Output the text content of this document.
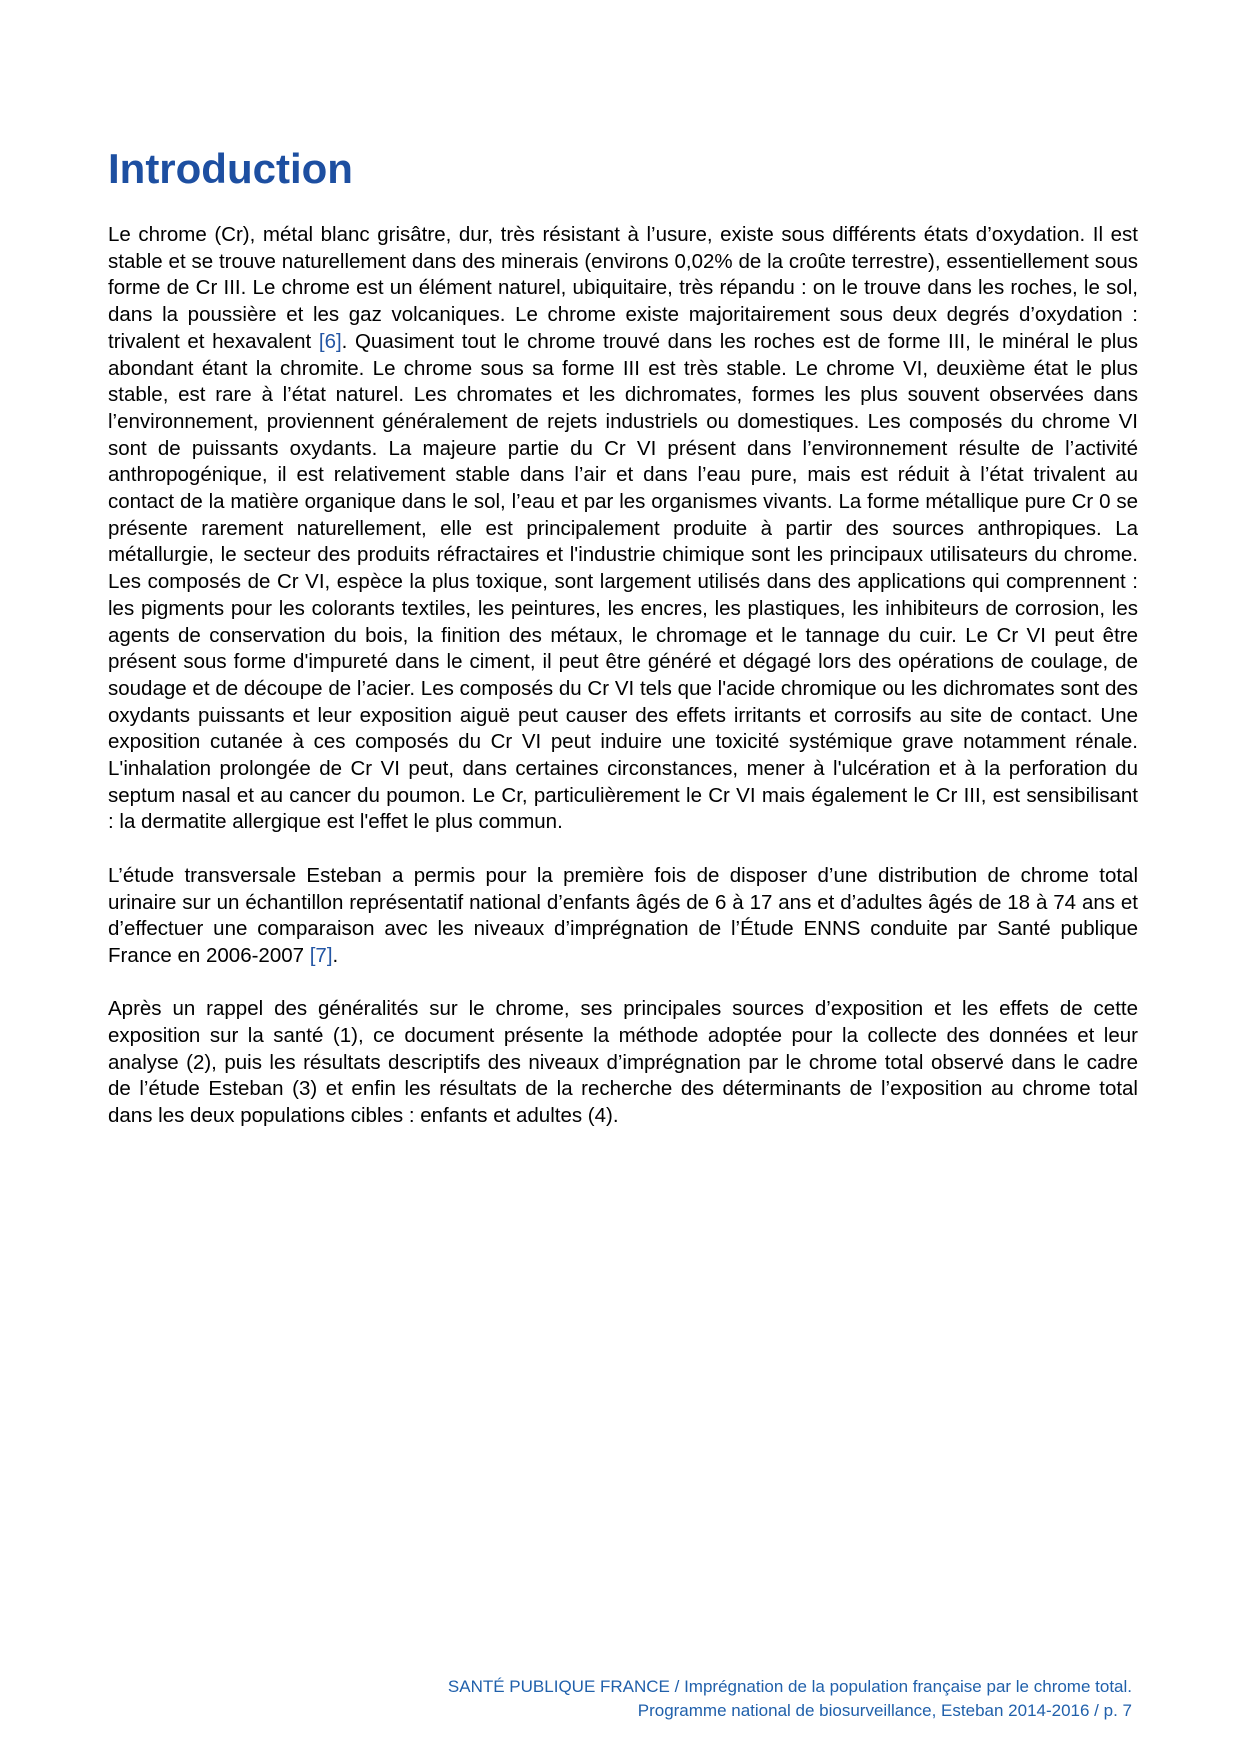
Introduction

Le chrome (Cr), métal blanc grisâtre, dur, très résistant à l’usure, existe sous différents états d’oxydation. Il est stable et se trouve naturellement dans des minerais (environs 0,02% de la croûte terrestre), essentiellement sous forme de Cr III. Le chrome est un élément naturel, ubiquitaire, très répandu : on le trouve dans les roches, le sol, dans la poussière et les gaz volcaniques. Le chrome existe majoritairement sous deux degrés d’oxydation : trivalent et hexavalent [6]. Quasiment tout le chrome trouvé dans les roches est de forme III, le minéral le plus abondant étant la chromite. Le chrome sous sa forme III est très stable. Le chrome VI, deuxième état le plus stable, est rare à l’état naturel. Les chromates et les dichromates, formes les plus souvent observées dans l’environnement, proviennent généralement de rejets industriels ou domestiques. Les composés du chrome VI sont de puissants oxydants. La majeure partie du Cr VI présent dans l’environnement résulte de l’activité anthropogénique, il est relativement stable dans l’air et dans l’eau pure, mais est réduit à l’état trivalent au contact de la matière organique dans le sol, l’eau et par les organismes vivants. La forme métallique pure Cr 0 se présente rarement naturellement, elle est principalement produite à partir des sources anthropiques. La métallurgie, le secteur des produits réfractaires et l'industrie chimique sont les principaux utilisateurs du chrome. Les composés de Cr VI, espèce la plus toxique, sont largement utilisés dans des applications qui comprennent : les pigments pour les colorants textiles, les peintures, les encres, les plastiques, les inhibiteurs de corrosion, les agents de conservation du bois, la finition des métaux, le chromage et le tannage du cuir. Le Cr VI peut être présent sous forme d'impureté dans le ciment, il peut être généré et dégagé lors des opérations de coulage, de soudage et de découpe de l’acier. Les composés du Cr VI tels que l'acide chromique ou les dichromates sont des oxydants puissants et leur exposition aiguë peut causer des effets irritants et corrosifs au site de contact. Une exposition cutanée à ces composés du Cr VI peut induire une toxicité systémique grave notamment rénale. L'inhalation prolongée de Cr VI peut, dans certaines circonstances, mener à l'ulcération et à la perforation du septum nasal et au cancer du poumon. Le Cr, particulièrement le Cr VI mais également le Cr III, est sensibilisant : la dermatite allergique est l'effet le plus commun.

L’étude transversale Esteban a permis pour la première fois de disposer d’une distribution de chrome total urinaire sur un échantillon représentatif national d’enfants âgés de 6 à 17 ans et d’adultes âgés de 18 à 74 ans et d’effectuer une comparaison avec les niveaux d’imprégnation de l’Étude ENNS conduite par Santé publique France en 2006-2007 [7].

Après un rappel des généralités sur le chrome, ses principales sources d’exposition et les effets de cette exposition sur la santé (1), ce document présente la méthode adoptée pour la collecte des données et leur analyse (2), puis les résultats descriptifs des niveaux d’imprégnation par le chrome total observé dans le cadre de l’étude Esteban (3) et enfin les résultats de la recherche des déterminants de l’exposition au chrome total dans les deux populations cibles : enfants et adultes (4).

SANTÉ PUBLIQUE FRANCE / Imprégnation de la population française par le chrome total.
Programme national de biosurveillance, Esteban 2014-2016 / p. 7
